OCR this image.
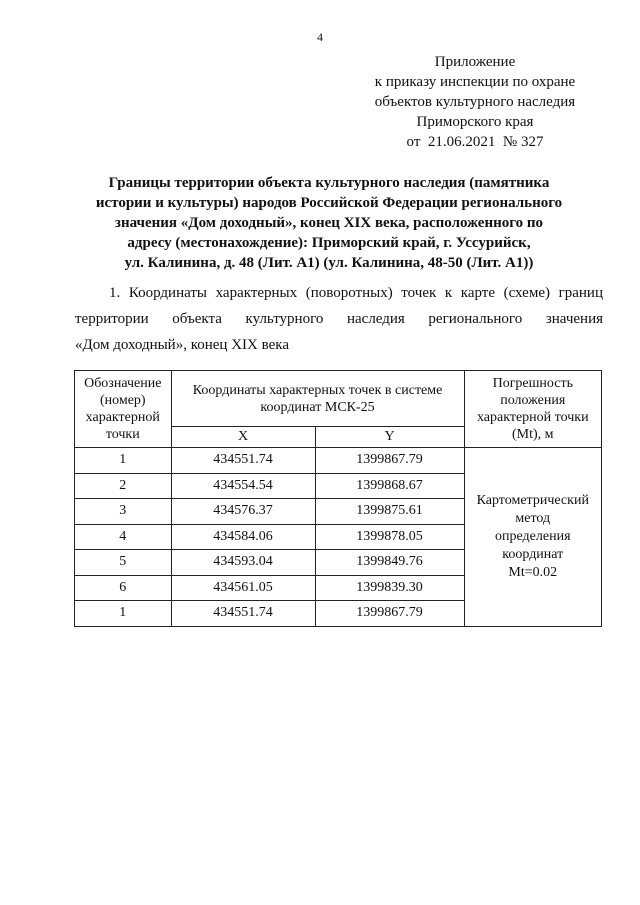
4
Приложение
к приказу инспекции по охране
объектов культурного наследия
Приморского края
от  21.06.2021  № 327
Границы территории объекта культурного наследия (памятника
истории и культуры) народов Российской Федерации регионального
значения «Дом доходный», конец XIX века, расположенного по
адресу (местонахождение): Приморский край, г. Уссурийск,
ул. Калинина, д. 48 (Лит. А1) (ул. Калинина, 48-50 (Лит. А1))
1. Координаты характерных (поворотных) точек к карте (схеме) границ
территории объекта культурного наследия регионального значения
«Дом доходный», конец XIX века
Обозначение (номер) характерной точки	Координаты характерных точек в системе координат МСК-25		Погрешность положения характерной точки (Mt), м
	X	Y	
1	434551.74	1399867.79	Картометрический
метод
определения
координат
Mt=0.02

2	434554.54	1399868.67	
3	434576.37	1399875.61	
4	434584.06	1399878.05	
5	434593.04	1399849.76	
6	434561.05	1399839.30	
1	434551.74	1399867.79	
